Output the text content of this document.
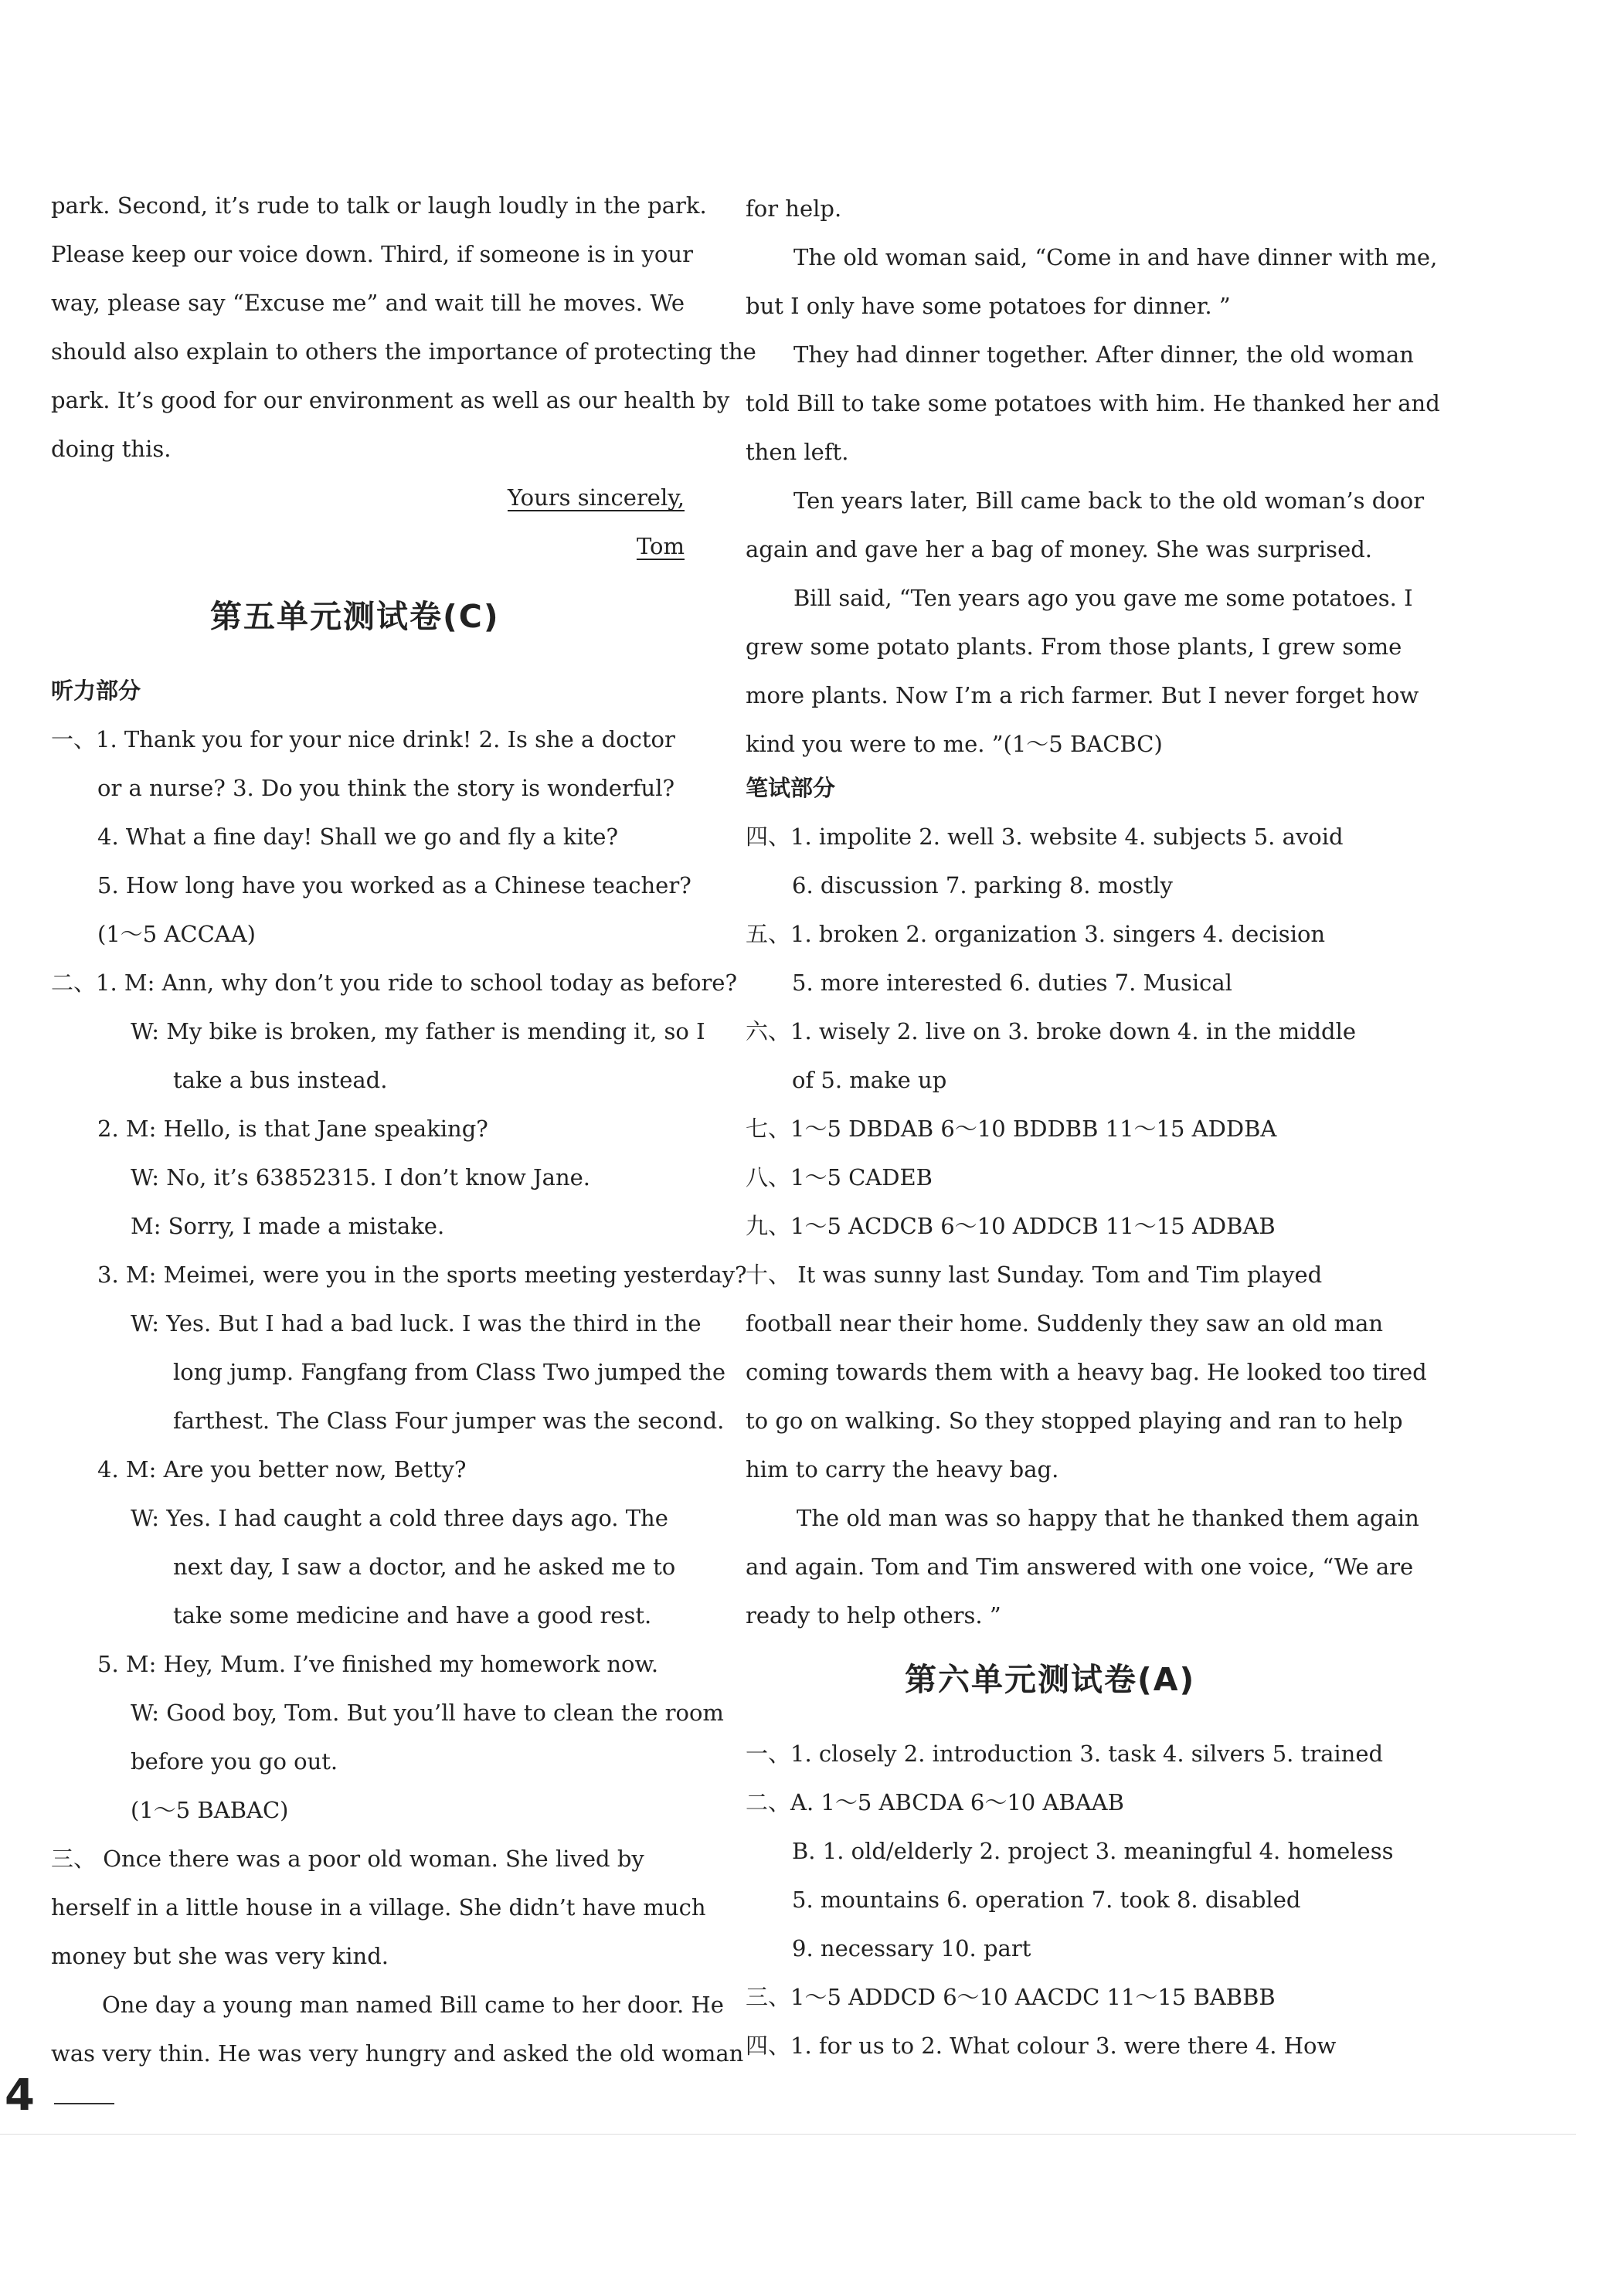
park. Second, it’s rude to talk or laugh loudly in the park.
Please keep our voice down. Third, if someone is in your
way, please say “Excuse me” and wait till he moves. We
should also explain to others the importance of protecting the
park. It’s good for our environment as well as our health by
doing this.
Yours sincerely,
Tom
第五单元测试卷(C)
听力部分
一、1. Thank you for your nice drink! 2. Is she a doctor
or a nurse? 3. Do you think the story is wonderful?
4. What a fine day! Shall we go and fly a kite?
5. How long have you worked as a Chinese teacher?
(1～5 ACCAA)
二、1. M: Ann, why don’t you ride to school today as before?
W: My bike is broken, my father is mending it, so I
take a bus instead.
2. M: Hello, is that Jane speaking?
W: No, it’s 63852315. I don’t know Jane.
M: Sorry, I made a mistake.
3. M: Meimei, were you in the sports meeting yesterday?
W: Yes. But I had a bad luck. I was the third in the
long jump. Fangfang from Class Two jumped the
farthest. The Class Four jumper was the second.
4. M: Are you better now, Betty?
W: Yes. I had caught a cold three days ago. The
next day, I saw a doctor, and he asked me to
take some medicine and have a good rest.
5. M: Hey, Mum. I’ve finished my homework now.
W: Good boy, Tom. But you’ll have to clean the room
before you go out.
(1～5 BABAC)
三、 Once there was a poor old woman. She lived by
herself in a little house in a village. She didn’t have much
money but she was very kind.
One day a young man named Bill came to her door. He
was very thin. He was very hungry and asked the old woman
for help.
The old woman said, “Come in and have dinner with me,
but I only have some potatoes for dinner. ”
They had dinner together. After dinner, the old woman
told Bill to take some potatoes with him. He thanked her and
then left.
Ten years later, Bill came back to the old woman’s door
again and gave her a bag of money. She was surprised.
Bill said, “Ten years ago you gave me some potatoes. I
grew some potato plants. From those plants, I grew some
more plants. Now I’m a rich farmer. But I never forget how
kind you were to me. ”(1～5 BACBC)
笔试部分
四、1. impolite 2. well 3. website 4. subjects 5. avoid
6. discussion 7. parking 8. mostly
五、1. broken 2. organization 3. singers 4. decision
5. more interested 6. duties 7. Musical
六、1. wisely 2. live on 3. broke down 4. in the middle
of 5. make up
七、1～5 DBDAB 6～10 BDDBB 11～15 ADDBA
八、1～5 CADEB
九、1～5 ACDCB 6～10 ADDCB 11～15 ADBAB
十、 It was sunny last Sunday. Tom and Tim played
football near their home. Suddenly they saw an old man
coming towards them with a heavy bag. He looked too tired
to go on walking. So they stopped playing and ran to help
him to carry the heavy bag.
The old man was so happy that he thanked them again
and again. Tom and Tim answered with one voice, “We are
ready to help others. ”
第六单元测试卷(A)
一、1. closely 2. introduction 3. task 4. silvers 5. trained
二、A. 1～5 ABCDA 6～10 ABAAB
B. 1. old/elderly 2. project 3. meaningful 4. homeless
5. mountains 6. operation 7. took 8. disabled
9. necessary 10. part
三、1～5 ADDCD 6～10 AACDC 11～15 BABBB
四、1. for us to 2. What colour 3. were there 4. How
4
